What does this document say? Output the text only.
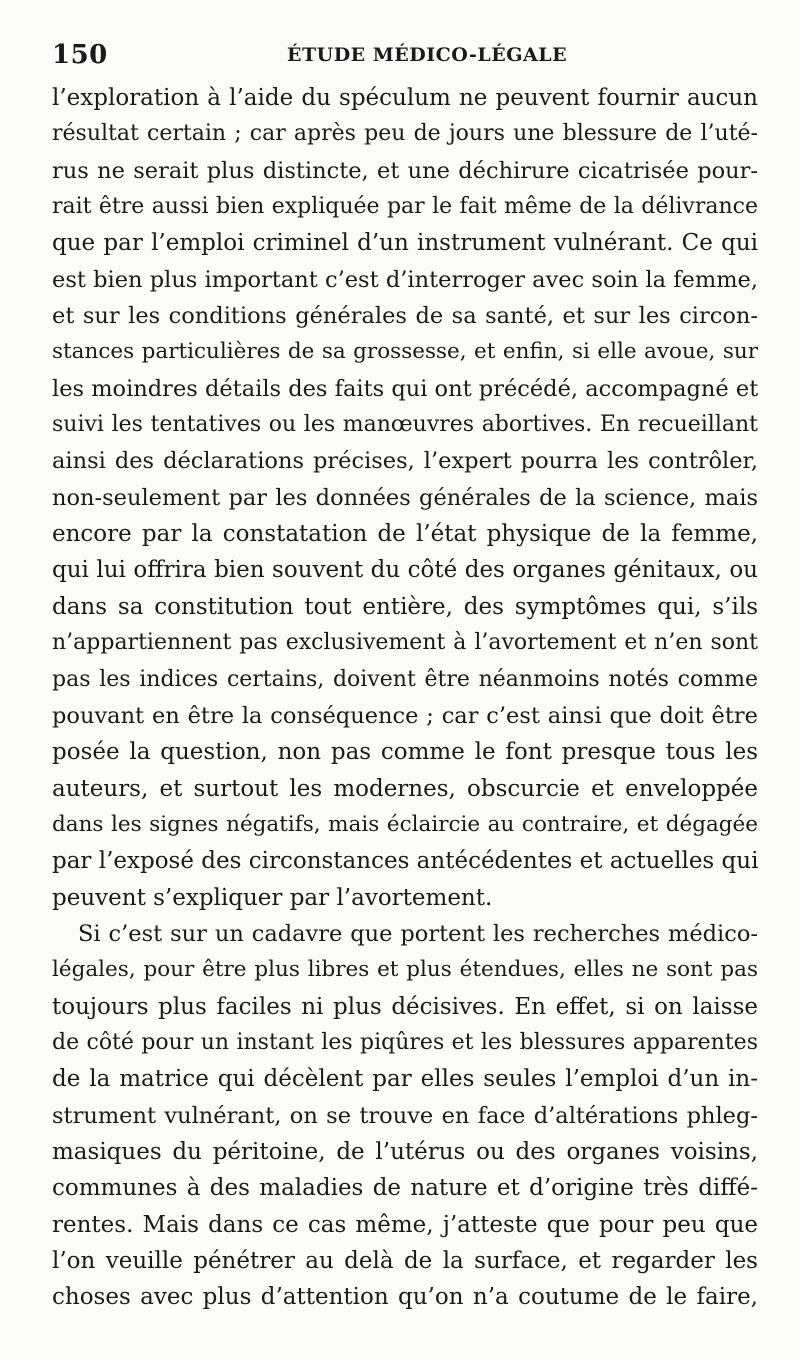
150	ÉTUDE MÉDICO-LÉGALE
l’exploration à l’aide du spéculum ne peuvent fournir aucun
résultat certain ; car après peu de jours une blessure de l’uté-
rus ne serait plus distincte, et une déchirure cicatrisée pour-
rait être aussi bien expliquée par le fait même de la délivrance
que par l’emploi criminel d’un instrument vulnérant. Ce qui
est bien plus important c’est d’interroger avec soin la femme,
et sur les conditions générales de sa santé, et sur les circon-
stances particulières de sa grossesse, et enfin, si elle avoue, sur
les moindres détails des faits qui ont précédé, accompagné et
suivi les tentatives ou les manœuvres abortives. En recueillant
ainsi des déclarations précises, l’expert pourra les contrôler,
non-seulement par les données générales de la science, mais
encore par la constatation de l’état physique de la femme,
qui lui offrira bien souvent du côté des organes génitaux, ou
dans sa constitution tout entière, des symptômes qui, s’ils
n’appartiennent pas exclusivement à l’avortement et n’en sont
pas les indices certains, doivent être néanmoins notés comme
pouvant en être la conséquence ; car c’est ainsi que doit être
posée la question, non pas comme le font presque tous les
auteurs, et surtout les modernes, obscurcie et enveloppée
dans les signes négatifs, mais éclaircie au contraire, et dégagée
par l’exposé des circonstances antécédentes et actuelles qui
peuvent s’expliquer par l’avortement.
Si c’est sur un cadavre que portent les recherches médico-
légales, pour être plus libres et plus étendues, elles ne sont pas
toujours plus faciles ni plus décisives. En effet, si on laisse
de côté pour un instant les piqûres et les blessures apparentes
de la matrice qui décèlent par elles seules l’emploi d’un in-
strument vulnérant, on se trouve en face d’altérations phleg-
masiques du péritoine, de l’utérus ou des organes voisins,
communes à des maladies de nature et d’origine très diffé-
rentes. Mais dans ce cas même, j’atteste que pour peu que
l’on veuille pénétrer au delà de la surface, et regarder les
choses avec plus d’attention qu’on n’a coutume de le faire,
